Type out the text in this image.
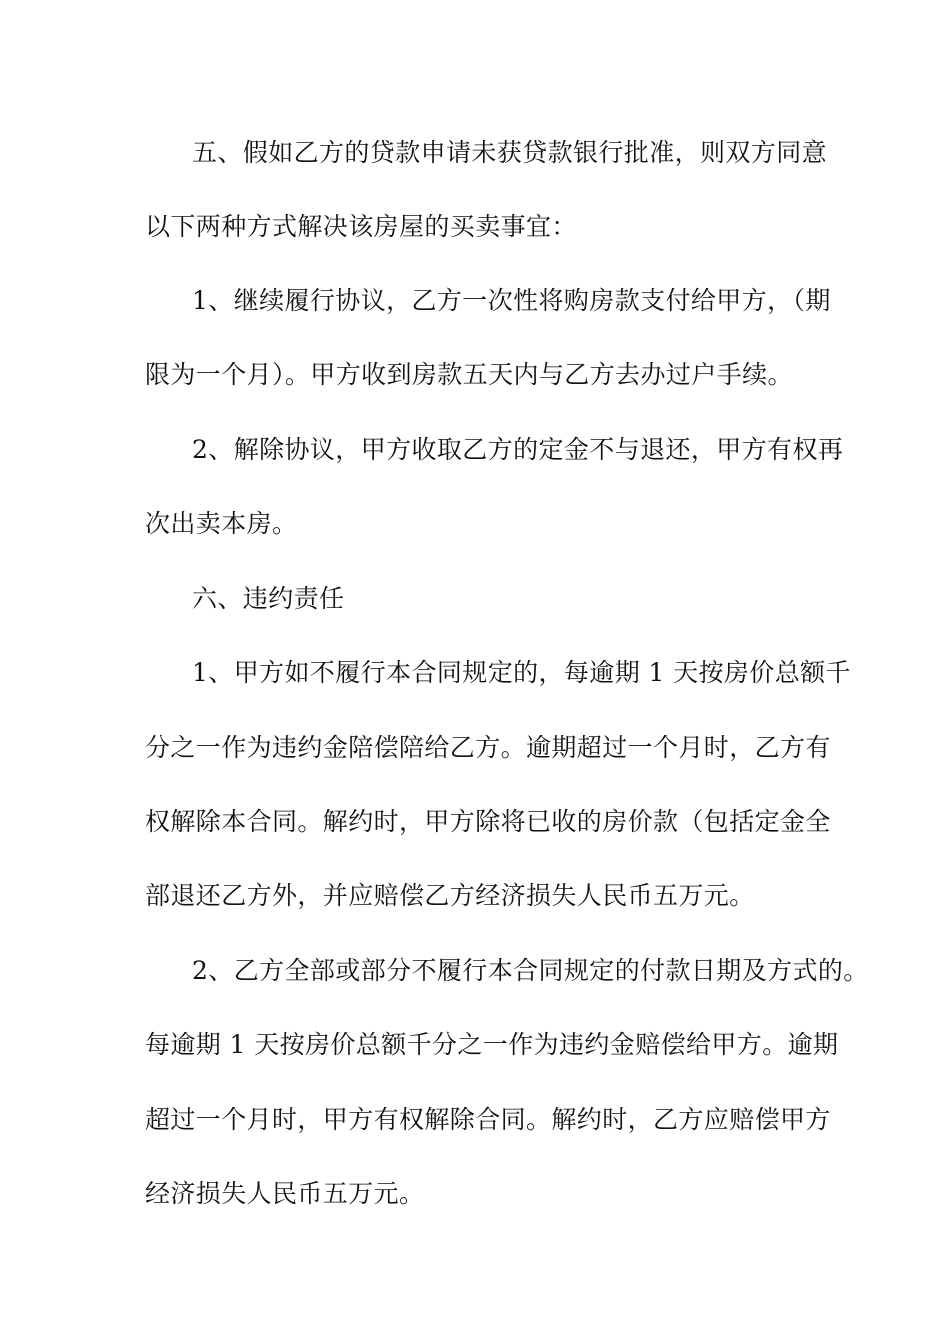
五、假如乙方的贷款申请未获贷款银行批准，则双方同意
以下两种方式解决该房屋的买卖事宜：
1、继续履行协议，乙方一次性将购房款支付给甲方，（期
限为一个月）。甲方收到房款五天内与乙方去办过户手续。
2、解除协议，甲方收取乙方的定金不与退还，甲方有权再
次出卖本房。
六、违约责任
1、甲方如不履行本合同规定的，每逾期 1 天按房价总额千
分之一作为违约金陪偿陪给乙方。逾期超过一个月时，乙方有
权解除本合同。解约时，甲方除将已收的房价款（包括定金全
部退还乙方外，并应赔偿乙方经济损失人民币五万元。
2、乙方全部或部分不履行本合同规定的付款日期及方式的。
每逾期 1 天按房价总额千分之一作为违约金赔偿给甲方。逾期
超过一个月时，甲方有权解除合同。解约时，乙方应赔偿甲方
经济损失人民币五万元。
